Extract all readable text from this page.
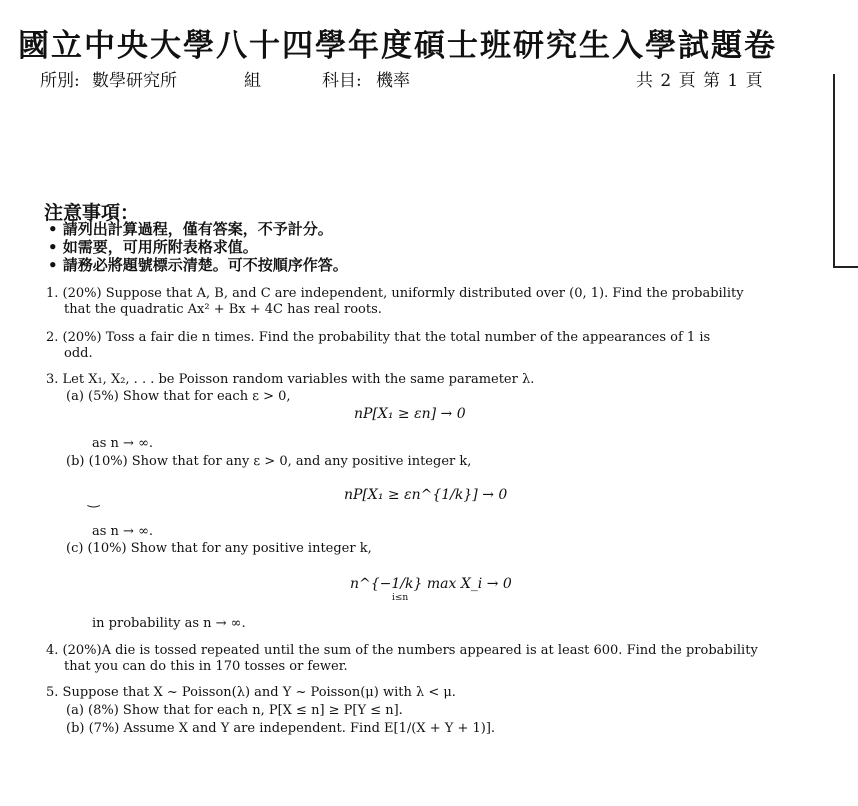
國立中央大學八十四學年度碩士班研究生入學試題卷
所別: 數學研究所	組	科目: 機率	共 2 頁 第 1 頁
注意事項：
• 請列出計算過程，僅有答案，不予計分。
• 如需要，可用所附表格求值。
• 請務必將題號標示清楚。可不按順序作答。
1. (20%) Suppose that A, B, and C are independent, uniformly distributed over (0, 1). Find the probability
that the quadratic Ax² + Bx + 4C has real roots.
2. (20%) Toss a fair die n times. Find the probability that the total number of the appearances of 1 is
odd.
3. Let X₁, X₂, . . . be Poisson random variables with the same parameter λ.
(a) (5%) Show that for each ε > 0,
nP[X₁ ≥ εn] → 0
as n → ∞.
(b) (10%) Show that for any ε > 0, and any positive integer k,
‿	nP[X₁ ≥ εn^{1/k}] → 0
as n → ∞.
(c) (10%) Show that for any positive integer k,
n^{−1/k} max X_i → 0
i≤n
in probability as n → ∞.
4. (20%)A die is tossed repeated until the sum of the numbers appeared is at least 600. Find the probability
that you can do this in 170 tosses or fewer.
5. Suppose that X ~ Poisson(λ) and Y ~ Poisson(μ) with λ < μ.
(a) (8%) Show that for each n, P[X ≤ n] ≥ P[Y ≤ n].
(b) (7%) Assume X and Y are independent. Find E[1/(X + Y + 1)].
